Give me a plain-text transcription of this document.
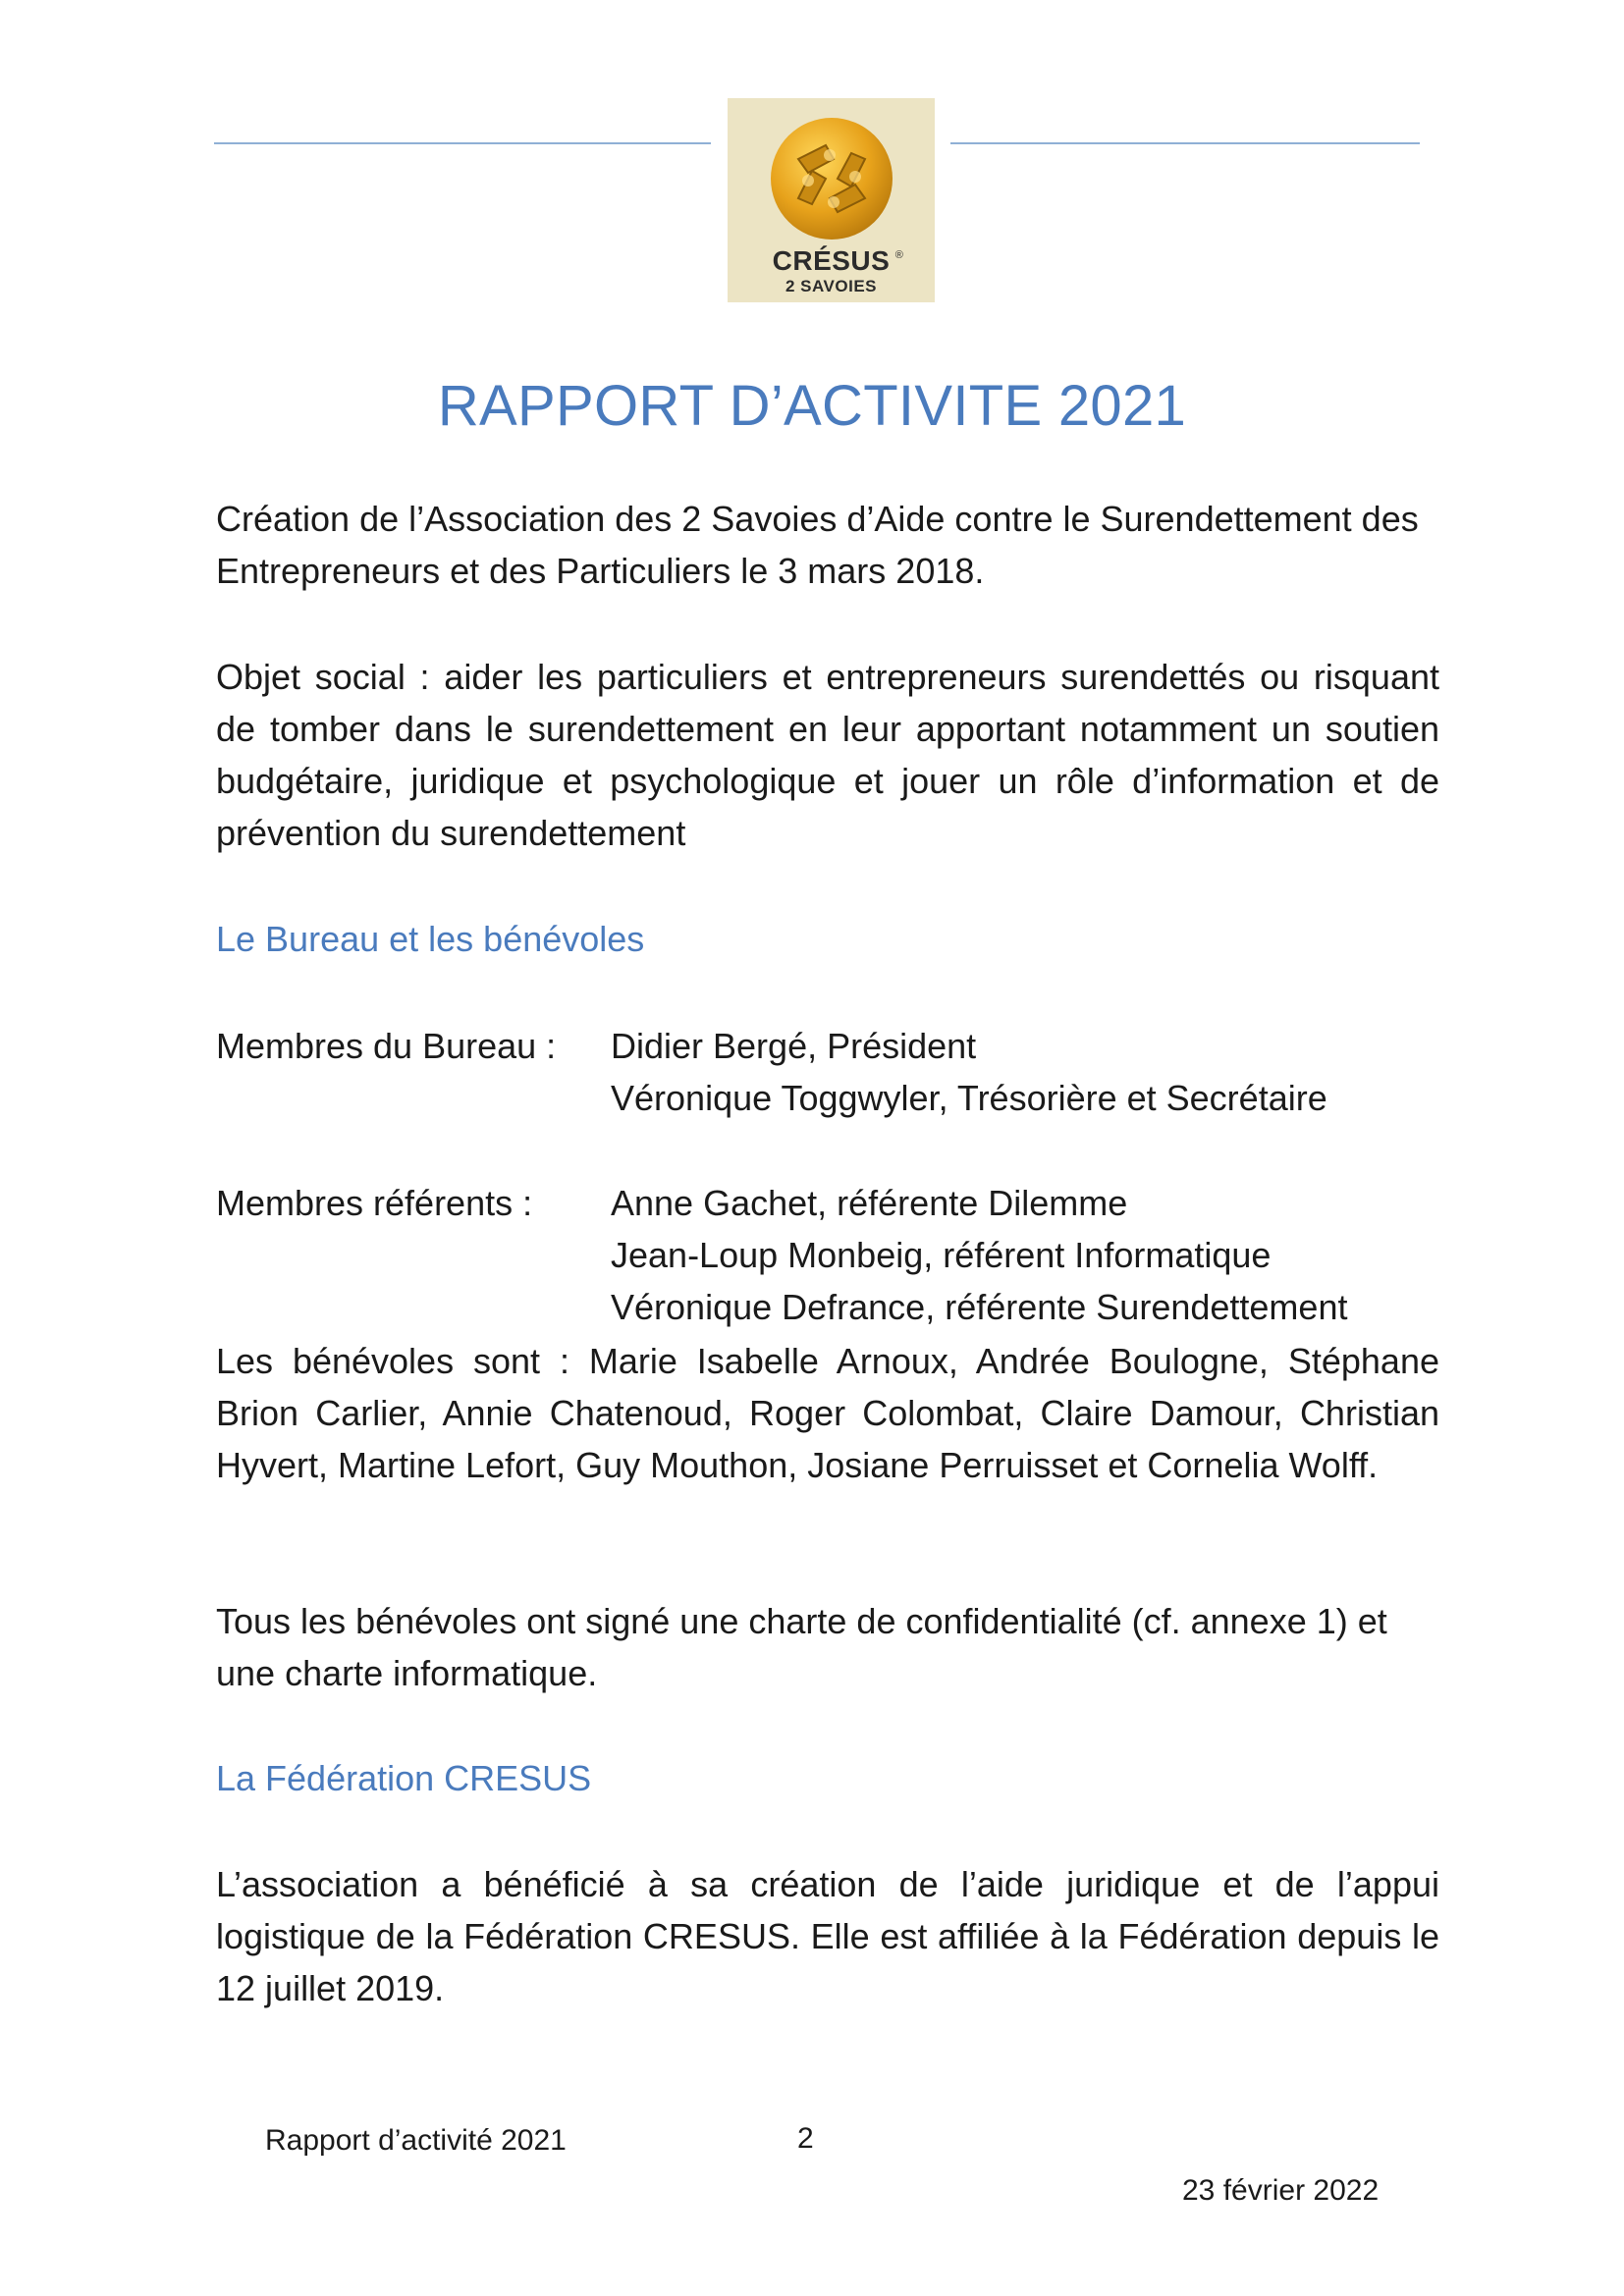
CRÉSUS ®
2 SAVOIES
RAPPORT D’ACTIVITE 2021
Création de l’Association des 2 Savoies d’Aide contre le Surendettement des Entrepreneurs et des Particuliers le 3 mars 2018.
Objet social : aider les particuliers et entrepreneurs surendettés ou risquant de tomber dans le surendettement en leur apportant notamment un soutien budgétaire, juridique et psychologique et jouer un rôle d’information et de prévention du surendettement
Le Bureau et les bénévoles
Membres du Bureau : Didier Bergé, Président
Véronique Toggwyler, Trésorière et Secrétaire
Membres référents : Anne Gachet, référente Dilemme
Jean-Loup Monbeig, référent Informatique
Véronique Defrance, référente Surendettement
Les bénévoles sont : Marie Isabelle Arnoux, Andrée Boulogne, Stéphane Brion Carlier, Annie Chatenoud, Roger Colombat, Claire Damour, Christian Hyvert, Martine Lefort, Guy Mouthon, Josiane Perruisset et Cornelia Wolff.
Tous les bénévoles ont signé une charte de confidentialité (cf. annexe 1) et une charte informatique.
La Fédération CRESUS
L’association a bénéficié à sa création de l’aide juridique et de l’appui logistique de la Fédération CRESUS. Elle est affiliée à la Fédération depuis le 12 juillet 2019.
Rapport d’activité 2021	2
23 février 2022
